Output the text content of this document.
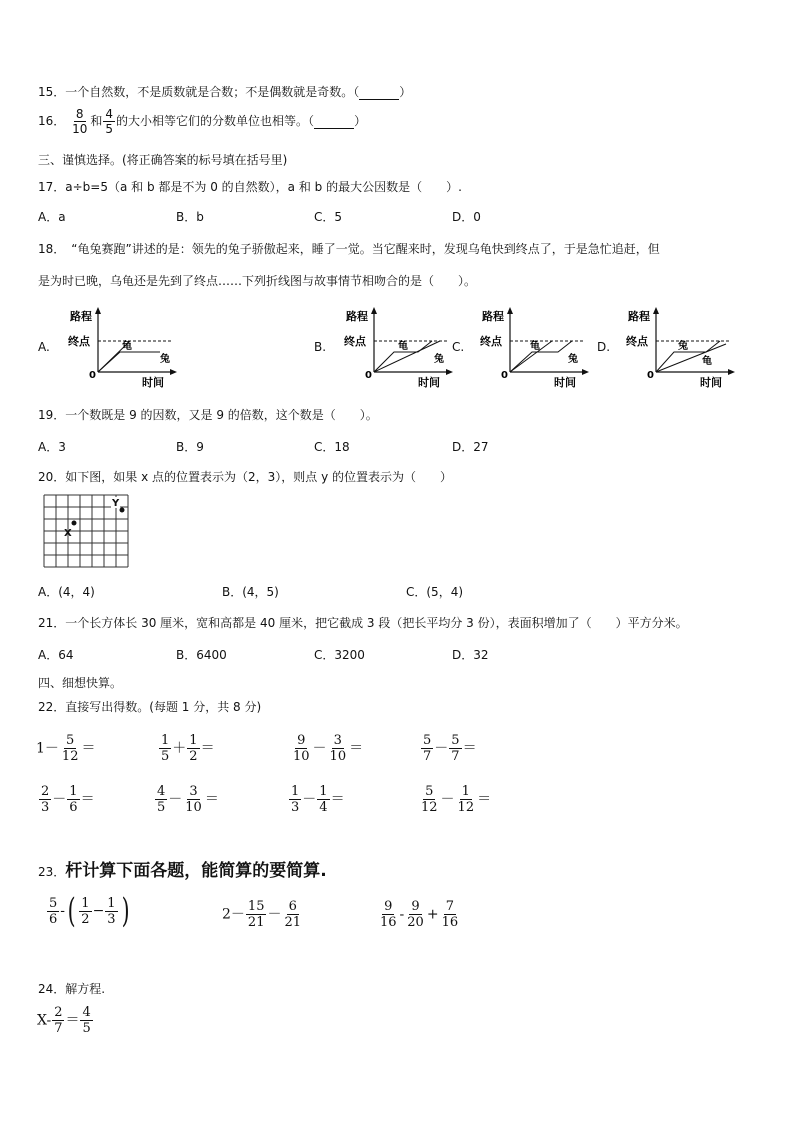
15．一个自然数，不是质数就是合数；不是偶数就是奇数。（	）
16． $\frac{8}{10}$ 和 $\frac{4}{5}$ 的大小相等它们的分数单位也相等。（	）
三、谨慎选择。(将正确答案的标号填在括号里)
17．a÷b=5（a 和 b 都是不为 0 的自然数），a 和 b 的最大公因数是（　　）.
A．a	B．b	C．5	D．0
18．　“龟兔赛跑”讲述的是：领先的兔子骄傲起来，睡了一觉。当它醒来时，发现乌龟快到终点了，于是急忙追赶，但
是为时已晚，乌龟还是先到了终点……下列折线图与故事情节相吻合的是（　　）。
A.	B.	C.	D.
路程
终点
0
时间
龟
兔
路程
终点
0
时间
龟
兔
路程
终点
0
时间
龟
兔
路程
终点
0
时间
兔
龟
19．一个数既是 9 的因数，又是 9 的倍数，这个数是（　　）。
A．3	B．9	C．18	D．27
20．如下图，如果 x 点的位置表示为（2，3），则点 y 的位置表示为（　　）
X
Y
A．(4，4)	B．(4，5)	C．(5，4)
21．一个长方体长 30 厘米，宽和高都是 40 厘米，把它截成 3 段（把长平均分 3 份），表面积增加了（　　）平方分米。
A．64	B．6400	C．3200	D．32
四、细想快算。
22．直接写出得数。(每题 1 分，共 8 分)
$1- \frac{5}{12}$ ＝	$\frac{1}{5} + \frac{1}{2}$ ＝	$\frac{9}{10} - \frac{3}{10}$ ＝	$\frac{5}{7} - \frac{5}{7}$ ＝
$\frac{2}{3} - \frac{1}{6}$ ＝	$\frac{4}{5} - \frac{3}{10}$ ＝	$\frac{1}{3} - \frac{1}{4}$ ＝	$\frac{5}{12} - \frac{1}{12}$ ＝
23．杆计算下面各题，能简算的要简算.
$\frac{5}{6}$ -( $\frac{1}{2} - \frac{1}{3}$ )	$2- \frac{15}{21} - \frac{6}{21}$	$\frac{9}{16} - \frac{9}{20} + \frac{7}{16}$
24．解方程.
$X- \frac{2}{7} = \frac{4}{5}$
